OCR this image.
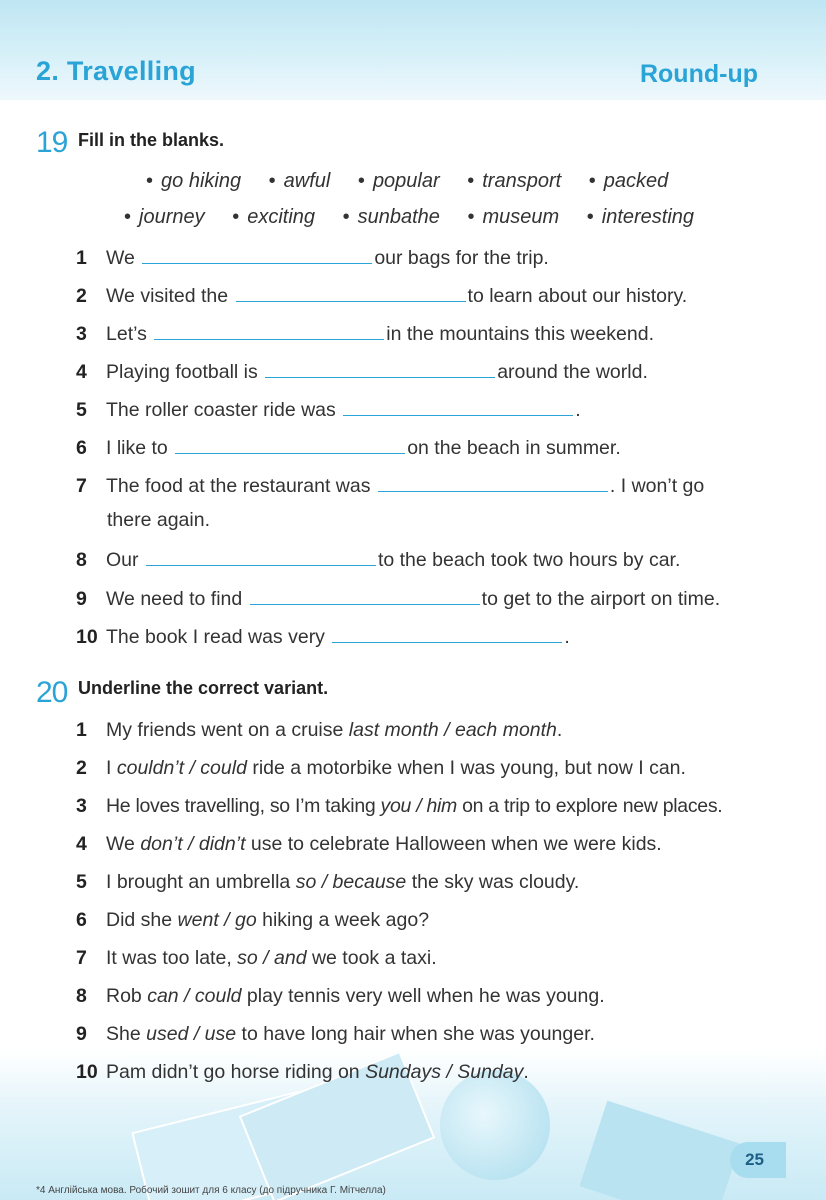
2. Travelling	Round-up
19 Fill in the blanks.
• go hiking • awful • popular • transport • packed
• journey • exciting • sunbathe • museum • interesting
1 We	our bags for the trip.
2 We visited the	to learn about our history.
3 Let’s	in the mountains this weekend.
4 Playing football is	around the world.
5 The roller coaster ride was	.
6 I like to	on the beach in summer.
7 The food at the restaurant was	. I won’t go
there again.
8 Our	to the beach took two hours by car.
9 We need to find	to get to the airport on time.
10 The book I read was very	.
20 Underline the correct variant.
1 My friends went on a cruise last month / each month.
2 I couldn’t / could ride a motorbike when I was young, but now I can.
3 He loves travelling, so I’m taking you / him on a trip to explore new places.
4 We don’t / didn’t use to celebrate Halloween when we were kids.
5 I brought an umbrella so / because the sky was cloudy.
6 Did she went / go hiking a week ago?
7 It was too late, so / and we took a taxi.
8 Rob can / could play tennis very well when he was young.
9 She used / use to have long hair when she was younger.
10 Pam didn’t go horse riding on Sundays / Sunday.
25
*4 Англійська мова. Робочий зошит для 6 класу (до підручника Г. Мітчелла)
